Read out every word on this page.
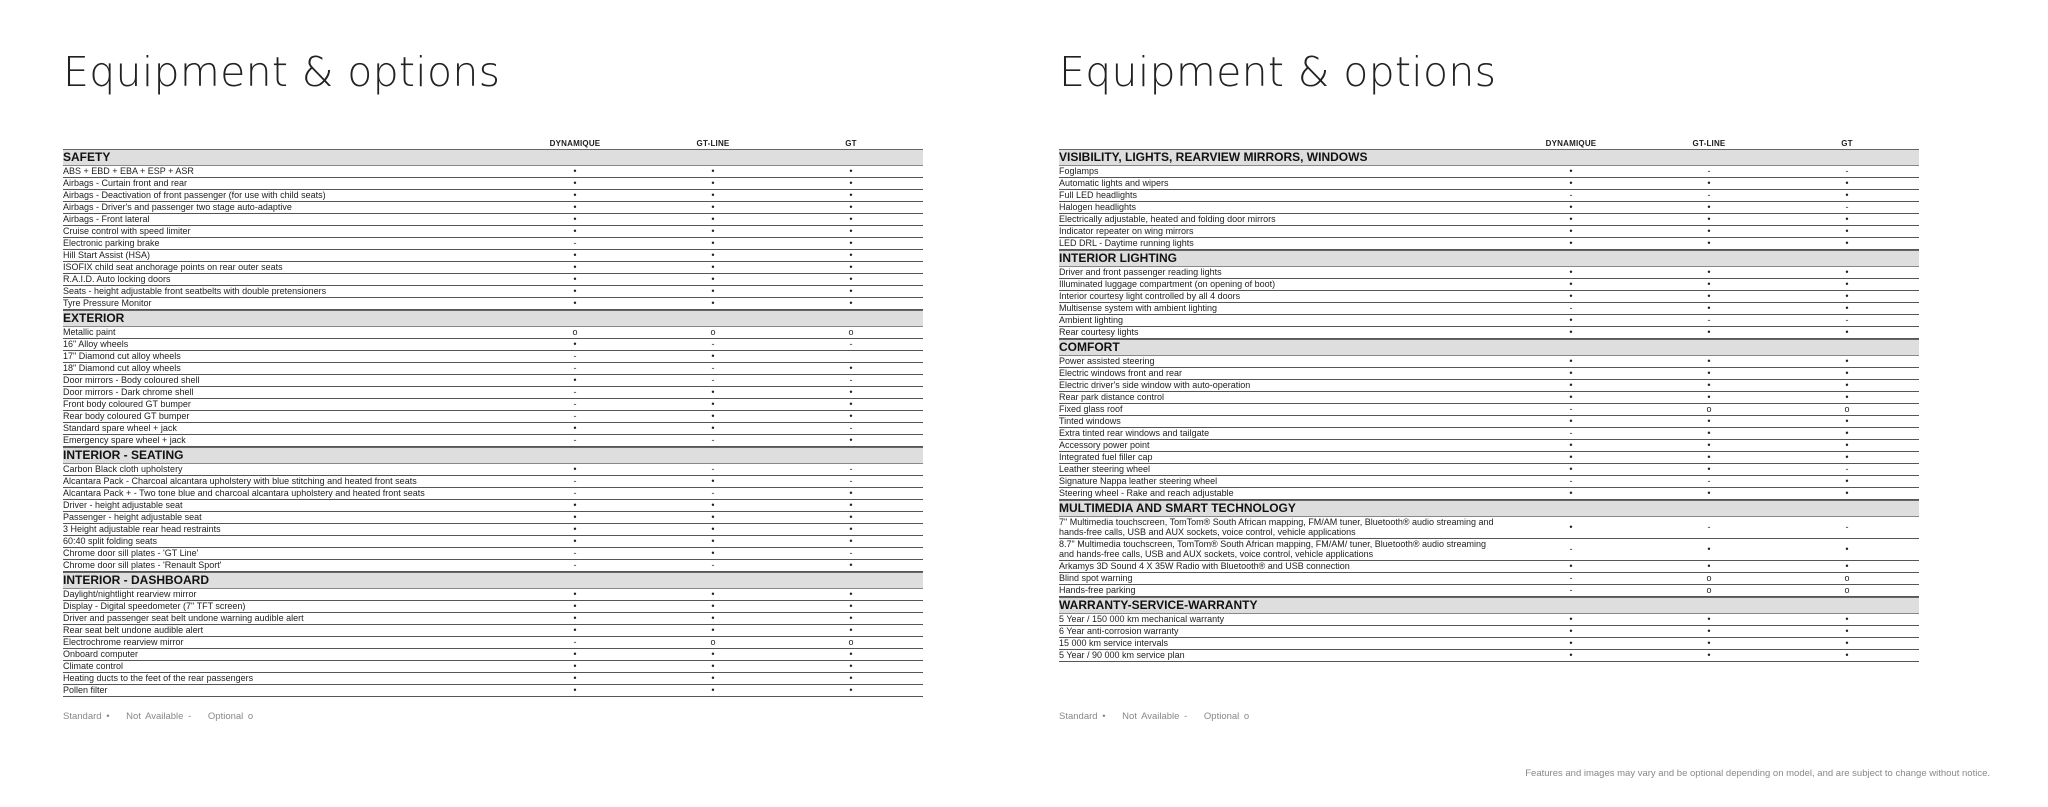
Equipment & options
DYNAMIQUE	GT-LINE	GT
SAFETY
ABS + EBD + EBA + ESP + ASR	•	•	•
Airbags - Curtain front and rear	•	•	•
Airbags - Deactivation of front passenger (for use with child seats)	•	•	•
Airbags - Driver's and passenger two stage auto-adaptive	•	•	•
Airbags - Front lateral	•	•	•
Cruise control with speed limiter	•	•	•
Electronic parking brake	-	•	•
Hill Start Assist (HSA)	•	•	•
ISOFIX child seat anchorage points on rear outer seats	•	•	•
R.A.I.D. Auto locking doors	•	•	•
Seats - height adjustable front seatbelts with double pretensioners	•	•	•
Tyre Pressure Monitor	•	•	•
EXTERIOR
Metallic paint	o	o	o
16" Alloy wheels	•	-	-
17" Diamond cut alloy wheels	-	•
18" Diamond cut alloy wheels	-	-	•
Door mirrors - Body coloured shell	•	-	-
Door mirrors - Dark chrome shell	-	•	•
Front body coloured GT bumper	-	•	•
Rear body coloured GT bumper	-	•	•
Standard spare wheel + jack	•	•	-
Emergency spare wheel + jack	-	-	•
INTERIOR - SEATING
Carbon Black cloth upholstery	•	-	-
Alcantara Pack - Charcoal alcantara upholstery with blue stitching and heated front seats	-	•	-
Alcantara Pack + - Two tone blue and charcoal alcantara upholstery and heated front seats	-	-	•
Driver - height adjustable seat	•	•	•
Passenger - height adjustable seat	•	•	•
3 Height adjustable rear head restraints	•	•	•
60:40 split folding seats	•	•	•
Chrome door sill plates - 'GT Line'	-	•	-
Chrome door sill plates - 'Renault Sport'	-	-	•
INTERIOR - DASHBOARD
Daylight/nightlight rearview mirror	•	•	•
Display - Digital speedometer (7" TFT screen)	•	•	•
Driver and passenger seat belt undone warning audible alert	•	•	•
Rear seat belt undone audible alert	•	•	•
Electrochrome rearview mirror	-	o	o
Onboard computer	•	•	•
Climate control	•	•	•
Heating ducts to the feet of the rear passengers	•	•	•
Pollen filter	•	•	•
Standard • Not Available - Optional o
Equipment & options
DYNAMIQUE	GT-LINE	GT
VISIBILITY, LIGHTS, REARVIEW MIRRORS, WINDOWS
Foglamps	•	-	-
Automatic lights and wipers	•	•	•
Full LED headlights	-	-	•
Halogen headlights	•	•	-
Electrically adjustable, heated and folding door mirrors	•	•	•
Indicator repeater on wing mirrors	•	•	•
LED DRL - Daytime running lights	•	•	•
INTERIOR LIGHTING
Driver and front passenger reading lights	•	•	•
Illuminated luggage compartment (on opening of boot)	•	•	•
Interior courtesy light controlled by all 4 doors	•	•	•
Multisense system with ambient lighting	-	•	•
Ambient lighting	•	-	-
Rear courtesy lights	•	•	•
COMFORT
Power assisted steering	•	•	•
Electric windows front and rear	•	•	•
Electric driver's side window with auto-operation	•	•	•
Rear park distance control	•	•	•
Fixed glass roof	-	o	o
Tinted windows	•	•	•
Extra tinted rear windows and tailgate	-	•	•
Accessory power point	•	•	•
Integrated fuel filler cap	•	•	•
Leather steering wheel	•	•	-
Signature Nappa leather steering wheel	-	-	•
Steering wheel - Rake and reach adjustable	•	•	•
MULTIMEDIA AND SMART TECHNOLOGY
7" Multimedia touchscreen, TomTom® South African mapping, FM/AM tuner, Bluetooth® audio streaming and hands-free calls, USB and AUX sockets, voice control, vehicle applications	•	-	-
8.7" Multimedia touchscreen, TomTom® South African mapping, FM/AM/ tuner, Bluetooth® audio streaming and hands-free calls, USB and AUX sockets, voice control, vehicle applications	-	•	•
Arkamys 3D Sound 4 X 35W Radio with Bluetooth® and USB connection	•	•	•
Blind spot warning	-	o	o
Hands-free parking	-	o	o
WARRANTY-SERVICE-WARRANTY
5 Year / 150 000 km mechanical warranty	•	•	•
6 Year anti-corrosion warranty	•	•	•
15 000 km service intervals	•	•	•
5 Year / 90 000 km service plan	•	•	•
Standard • Not Available - Optional o
Features and images may vary and be optional depending on model, and are subject to change without notice.
